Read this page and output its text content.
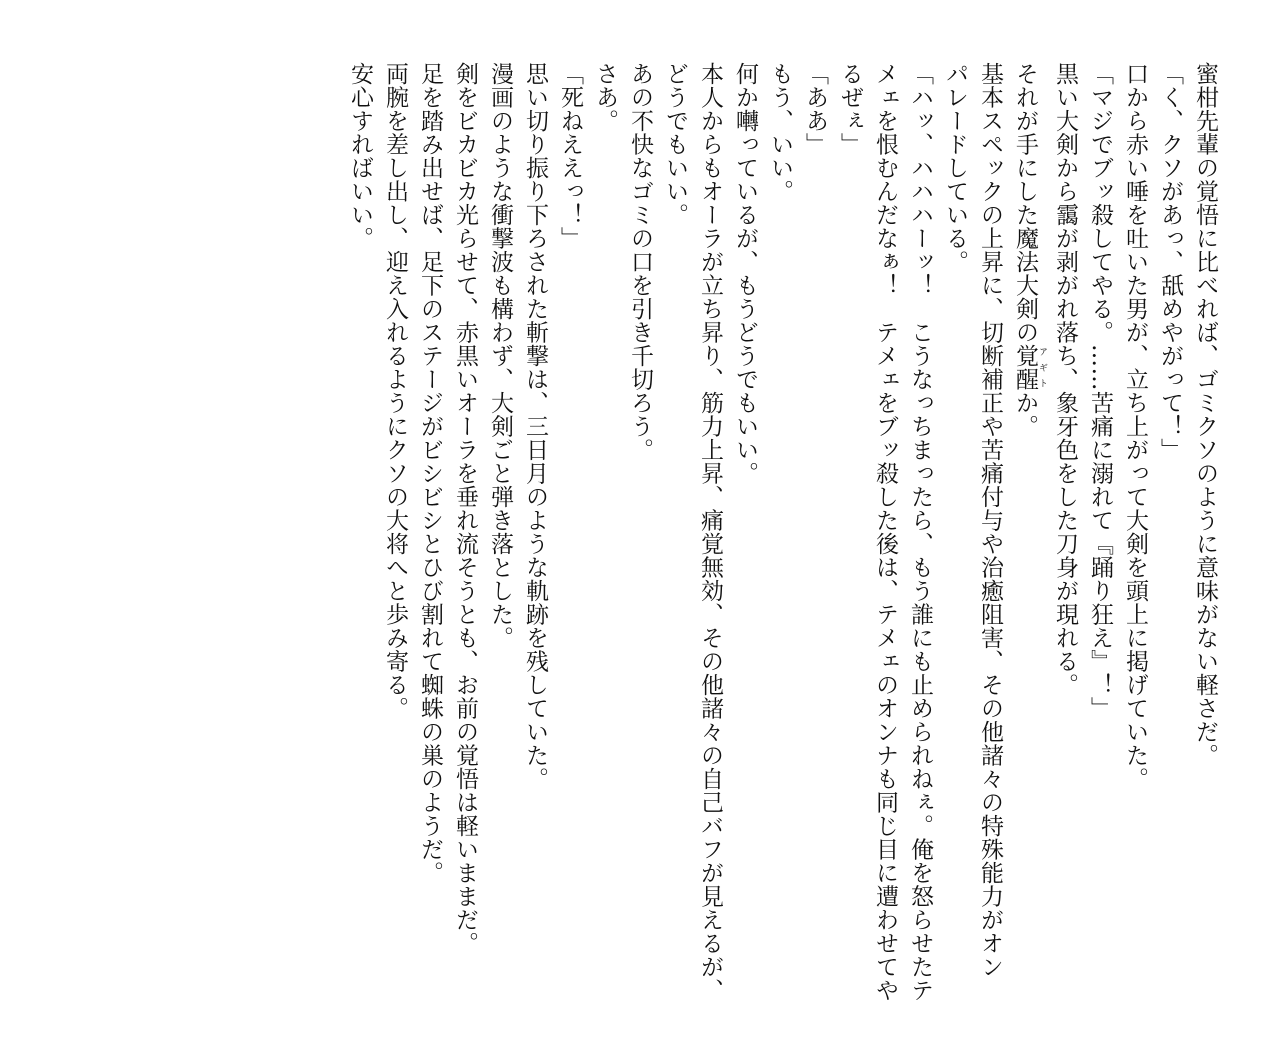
蜜柑先輩の覚悟に比べれば、ゴミクソのように意味がない軽さだ。
「く、クソがあっ、舐めやがって！」
口から赤い唾を吐いた男が、立ち上がって大剣を頭上に掲げていた。
「マジでブッ殺してやる。……苦痛に溺れて『踊り狂え』！」
黒い大剣から靄が剥がれ落ち、象牙色をした刀身が現れる。
それが手にした魔法大剣の覚醒 アギトか。
基本スペックの上昇に、切断補正や苦痛付与や治癒阻害、その他諸々の特殊能力がオン
パレードしている。
「ハッ、ハハハーッ！　こうなっちまったら、もう誰にも止められねぇ。俺を怒らせたテ
メェを恨むんだなぁ！　テメェをブッ殺した後は、テメェのオンナも同じ目に遭わせてや
るぜぇ」
「ああ」
もう、いい。
何か囀っているが、もうどうでもいい。
本人からもオーラが立ち昇り、筋力上昇、痛覚無効、その他諸々の自己バフが見えるが、
どうでもいい。
あの不快なゴミの口を引き千切ろう。
さあ。
「死ねええっ！」
思い切り振り下ろされた斬撃は、三日月のような軌跡を残していた。
漫画のような衝撃波も構わず、大剣ごと弾き落とした。
剣をビカビカ光らせて、赤黒いオーラを垂れ流そうとも、お前の覚悟は軽いままだ。
足を踏み出せば、足下のステージがビシビシとひび割れて蜘蛛の巣のようだ。
両腕を差し出し、迎え入れるようにクソの大将へと歩み寄る。
安心すればいい。
